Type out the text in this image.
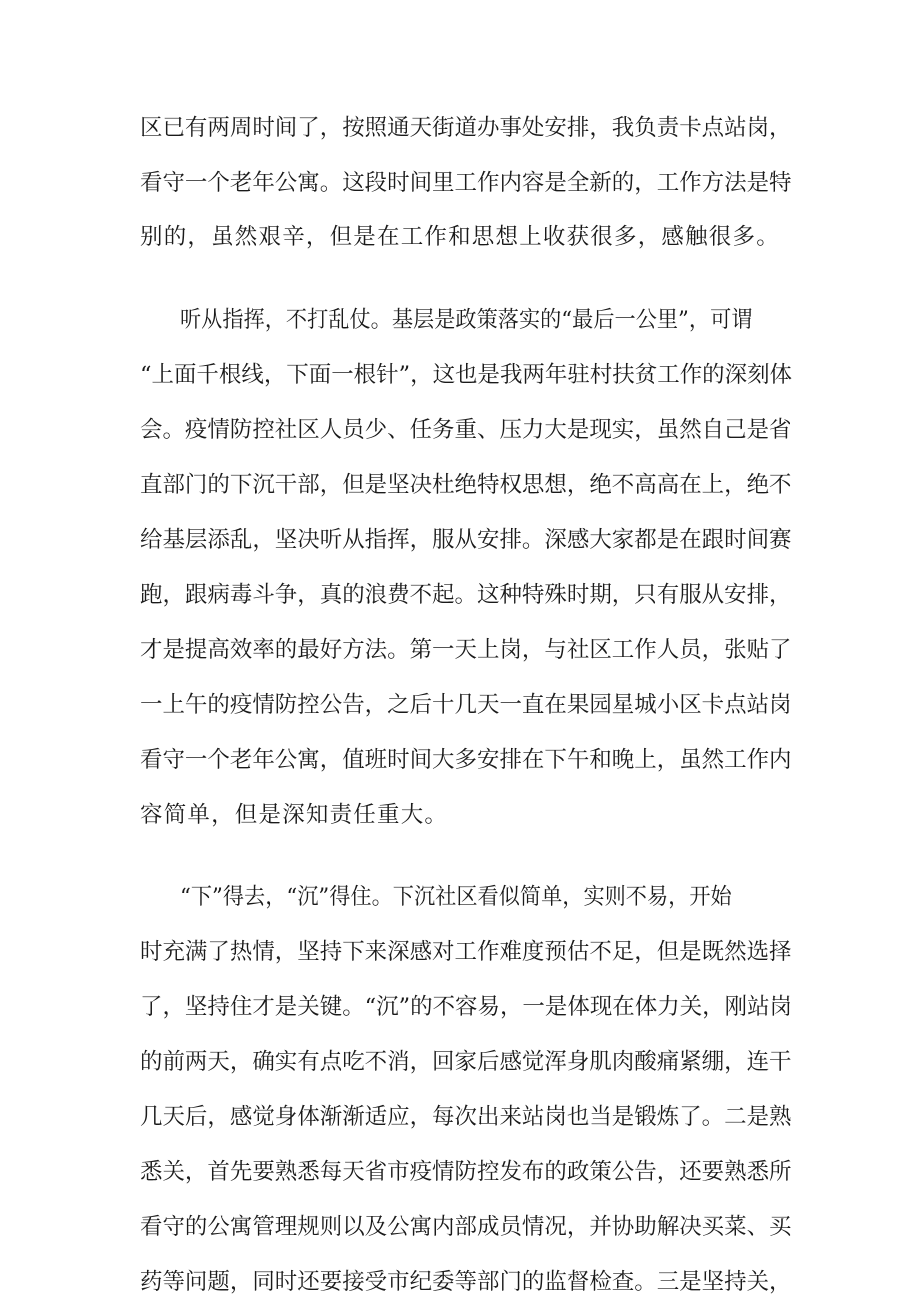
区已有两周时间了，按照通天街道办事处安排，我负责卡点站岗，
看守一个老年公寓。这段时间里工作内容是全新的，工作方法是特
别的，虽然艰辛，但是在工作和思想上收获很多，感触很多。
听从指挥，不打乱仗。基层是政策落实的“最后一公里”，可谓
“上面千根线，下面一根针”，这也是我两年驻村扶贫工作的深刻体
会。疫情防控社区人员少、任务重、压力大是现实，虽然自己是省
直部门的下沉干部，但是坚决杜绝特权思想，绝不高高在上，绝不
给基层添乱，坚决听从指挥，服从安排。深感大家都是在跟时间赛
跑，跟病毒斗争，真的浪费不起。这种特殊时期，只有服从安排，
才是提高效率的最好方法。第一天上岗，与社区工作人员，张贴了
一上午的疫情防控公告，之后十几天一直在果园星城小区卡点站岗
看守一个老年公寓，值班时间大多安排在下午和晚上，虽然工作内
容简单，但是深知责任重大。
“下”得去，“沉”得住。下沉社区看似简单，实则不易，开始
时充满了热情，坚持下来深感对工作难度预估不足，但是既然选择
了，坚持住才是关键。“沉”的不容易，一是体现在体力关，刚站岗
的前两天，确实有点吃不消，回家后感觉浑身肌肉酸痛紧绷，连干
几天后，感觉身体渐渐适应，每次出来站岗也当是锻炼了。二是熟
悉关，首先要熟悉每天省市疫情防控发布的政策公告，还要熟悉所
看守的公寓管理规则以及公寓内部成员情况，并协助解决买菜、买
药等问题，同时还要接受市纪委等部门的监督检查。三是坚持关，
